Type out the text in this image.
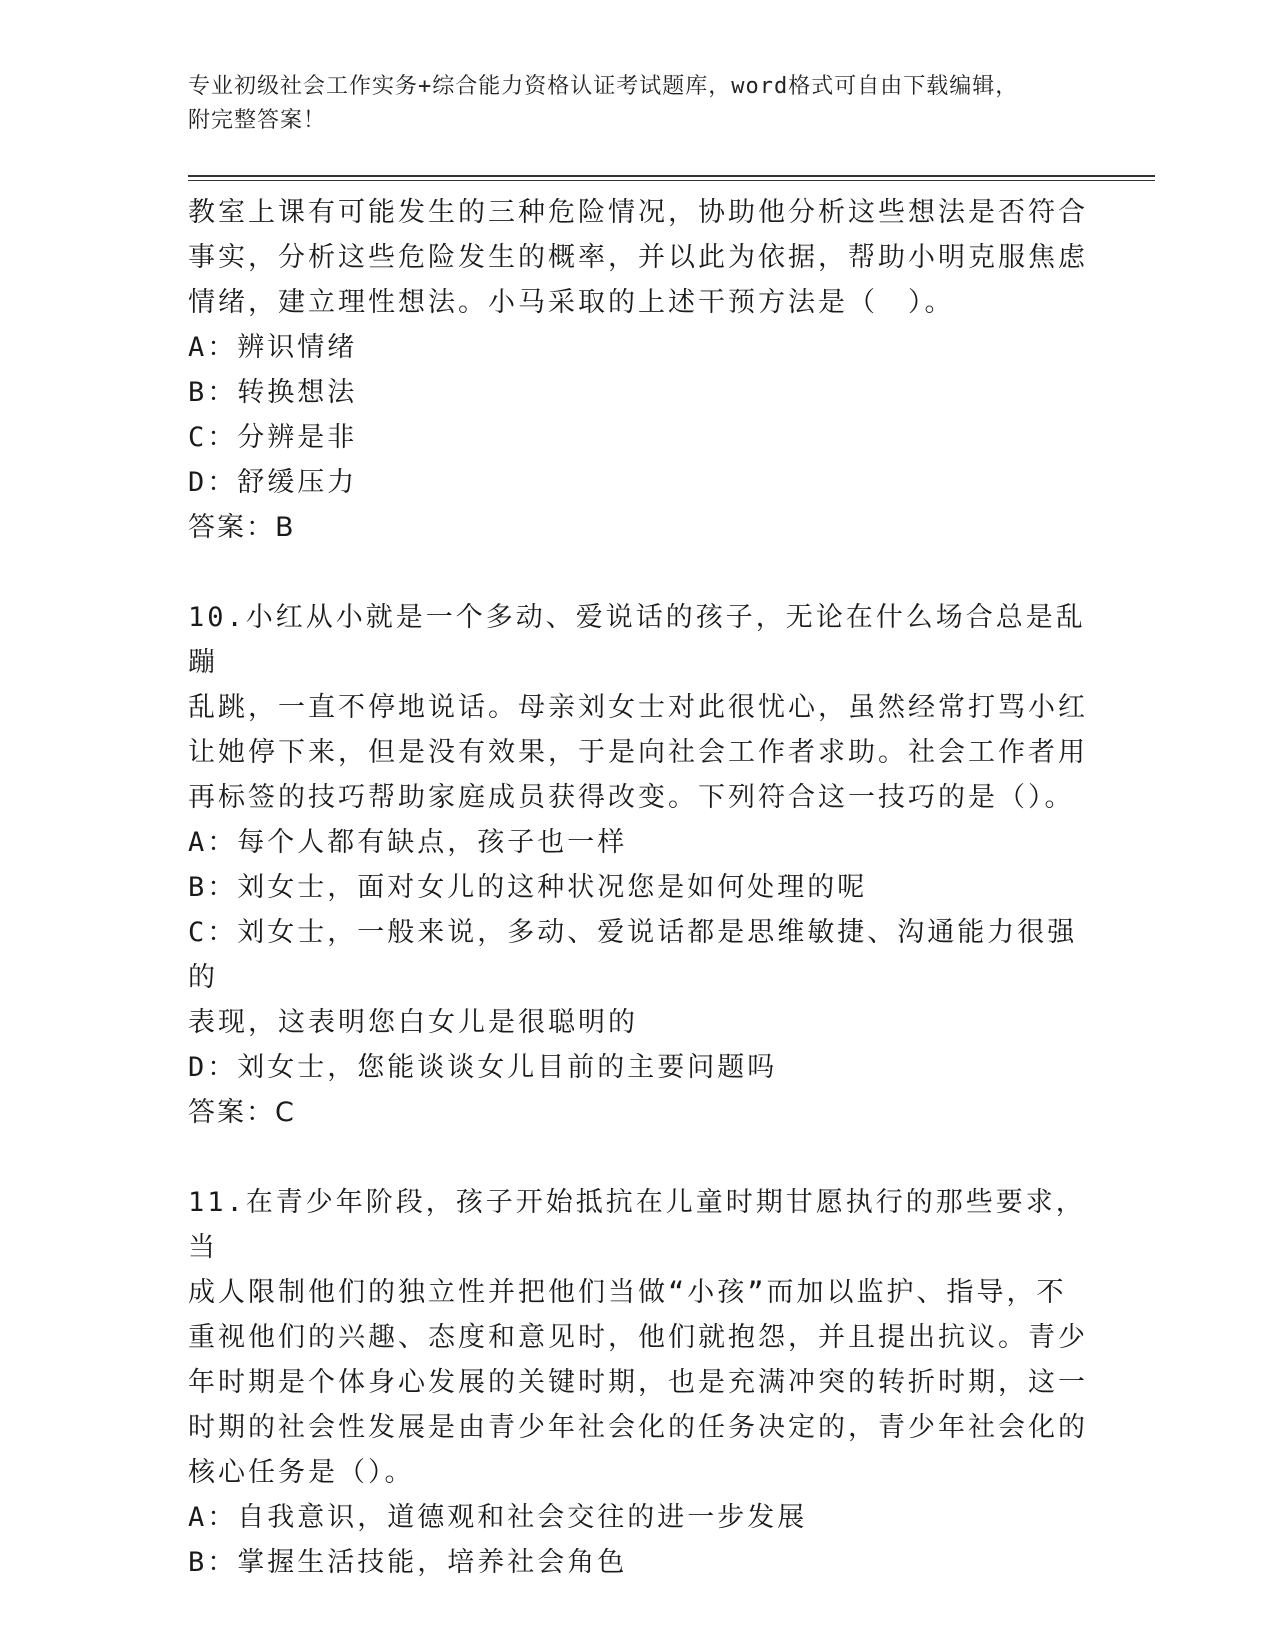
专业初级社会工作实务+综合能力资格认证考试题库，word格式可自由下载编辑，
附完整答案！

教室上课有可能发生的三种危险情况，协助他分析这些想法是否符合

事实，分析这些危险发生的概率，并以此为依据，帮助小明克服焦虑

情绪，建立理性想法。小马采取的上述干预方法是（　）。

A：辨识情绪

B：转换想法

C：分辨是非

D：舒缓压力

答案：B

10.小红从小就是一个多动、爱说话的孩子，无论在什么场合总是乱蹦

乱跳，一直不停地说话。母亲刘女士对此很忧心，虽然经常打骂小红

让她停下来，但是没有效果，于是向社会工作者求助。社会工作者用

再标签的技巧帮助家庭成员获得改变。下列符合这一技巧的是（）。

A：每个人都有缺点，孩子也一样

B：刘女士，面对女儿的这种状况您是如何处理的呢

C：刘女士，一般来说，多动、爱说话都是思维敏捷、沟通能力很强的

表现，这表明您白女儿是很聪明的

D：刘女士，您能谈谈女儿目前的主要问题吗

答案：C

11.在青少年阶段，孩子开始抵抗在儿童时期甘愿执行的那些要求，当

成人限制他们的独立性并把他们当做“小孩”而加以监护、指导，不

重视他们的兴趣、态度和意见时，他们就抱怨，并且提出抗议。青少

年时期是个体身心发展的关键时期，也是充满冲突的转折时期，这一

时期的社会性发展是由青少年社会化的任务决定的，青少年社会化的

核心任务是（）。

A：自我意识，道德观和社会交往的进一步发展

B：掌握生活技能，培养社会角色
